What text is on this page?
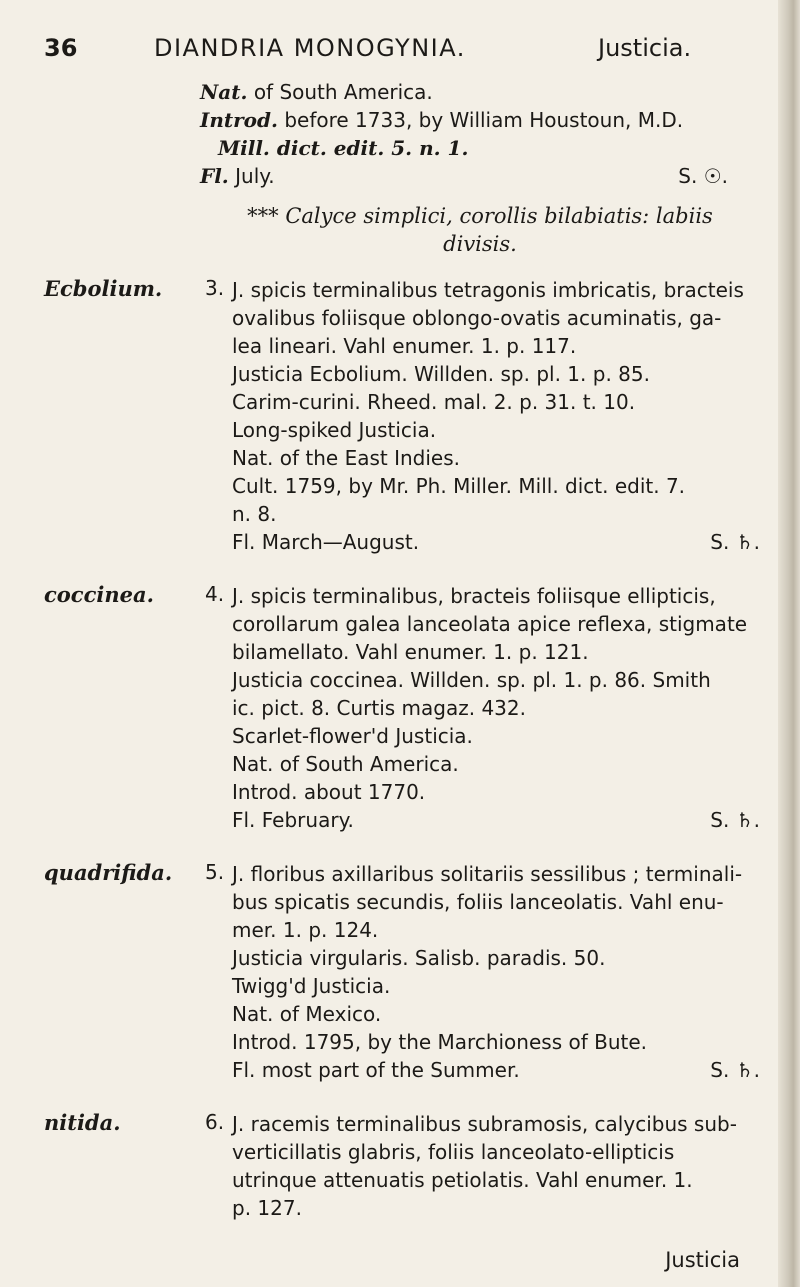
36	DIANDRIA MONOGYNIA.	Justicia.
Nat. of South America.
Introd. before 1733, by William Houstoun, M.D.
Mill. dict. edit. 5. n. 1.
Fl. July.	S. ☉.
*** Calyce simplici, corollis bilabiatis: labiis
divisis.
Ecbolium. 3. J. spicis terminalibus tetragonis imbricatis, bracteis
ovalibus foliisque oblongo-ovatis acuminatis, ga-
lea lineari. Vahl enumer. 1. p. 117.
Justicia Ecbolium. Willden. sp. pl. 1. p. 85.
Carim-curini. Rheed. mal. 2. p. 31. t. 10.
Long-spiked Justicia.
Nat. of the East Indies.
Cult. 1759, by Mr. Ph. Miller. Mill. dict. edit. 7.
n. 8.
Fl. March—August.	S. ♄.
coccinea.	4. J. spicis terminalibus, bracteis foliisque ellipticis,
corollarum galea lanceolata apice reflexa, stigmate
bilamellato. Vahl enumer. 1. p. 121.
Justicia coccinea. Willden. sp. pl. 1. p. 86. Smith
ic. pict. 8. Curtis magaz. 432.
Scarlet-flower'd Justicia.
Nat. of South America.
Introd. about 1770.
Fl. February.	S. ♄.
quadrifida. 5. J. floribus axillaribus solitariis sessilibus ; terminali-
bus spicatis secundis, foliis lanceolatis. Vahl enu-
mer. 1. p. 124.
Justicia virgularis. Salisb. paradis. 50.
Twigg'd Justicia.
Nat. of Mexico.
Introd. 1795, by the Marchioness of Bute.
Fl. most part of the Summer.	S. ♄.
nitida.	6. J. racemis terminalibus subramosis, calycibus sub-
verticillatis glabris, foliis lanceolato-ellipticis
utrinque attenuatis petiolatis. Vahl enumer. 1.
p. 127.
Justicia
